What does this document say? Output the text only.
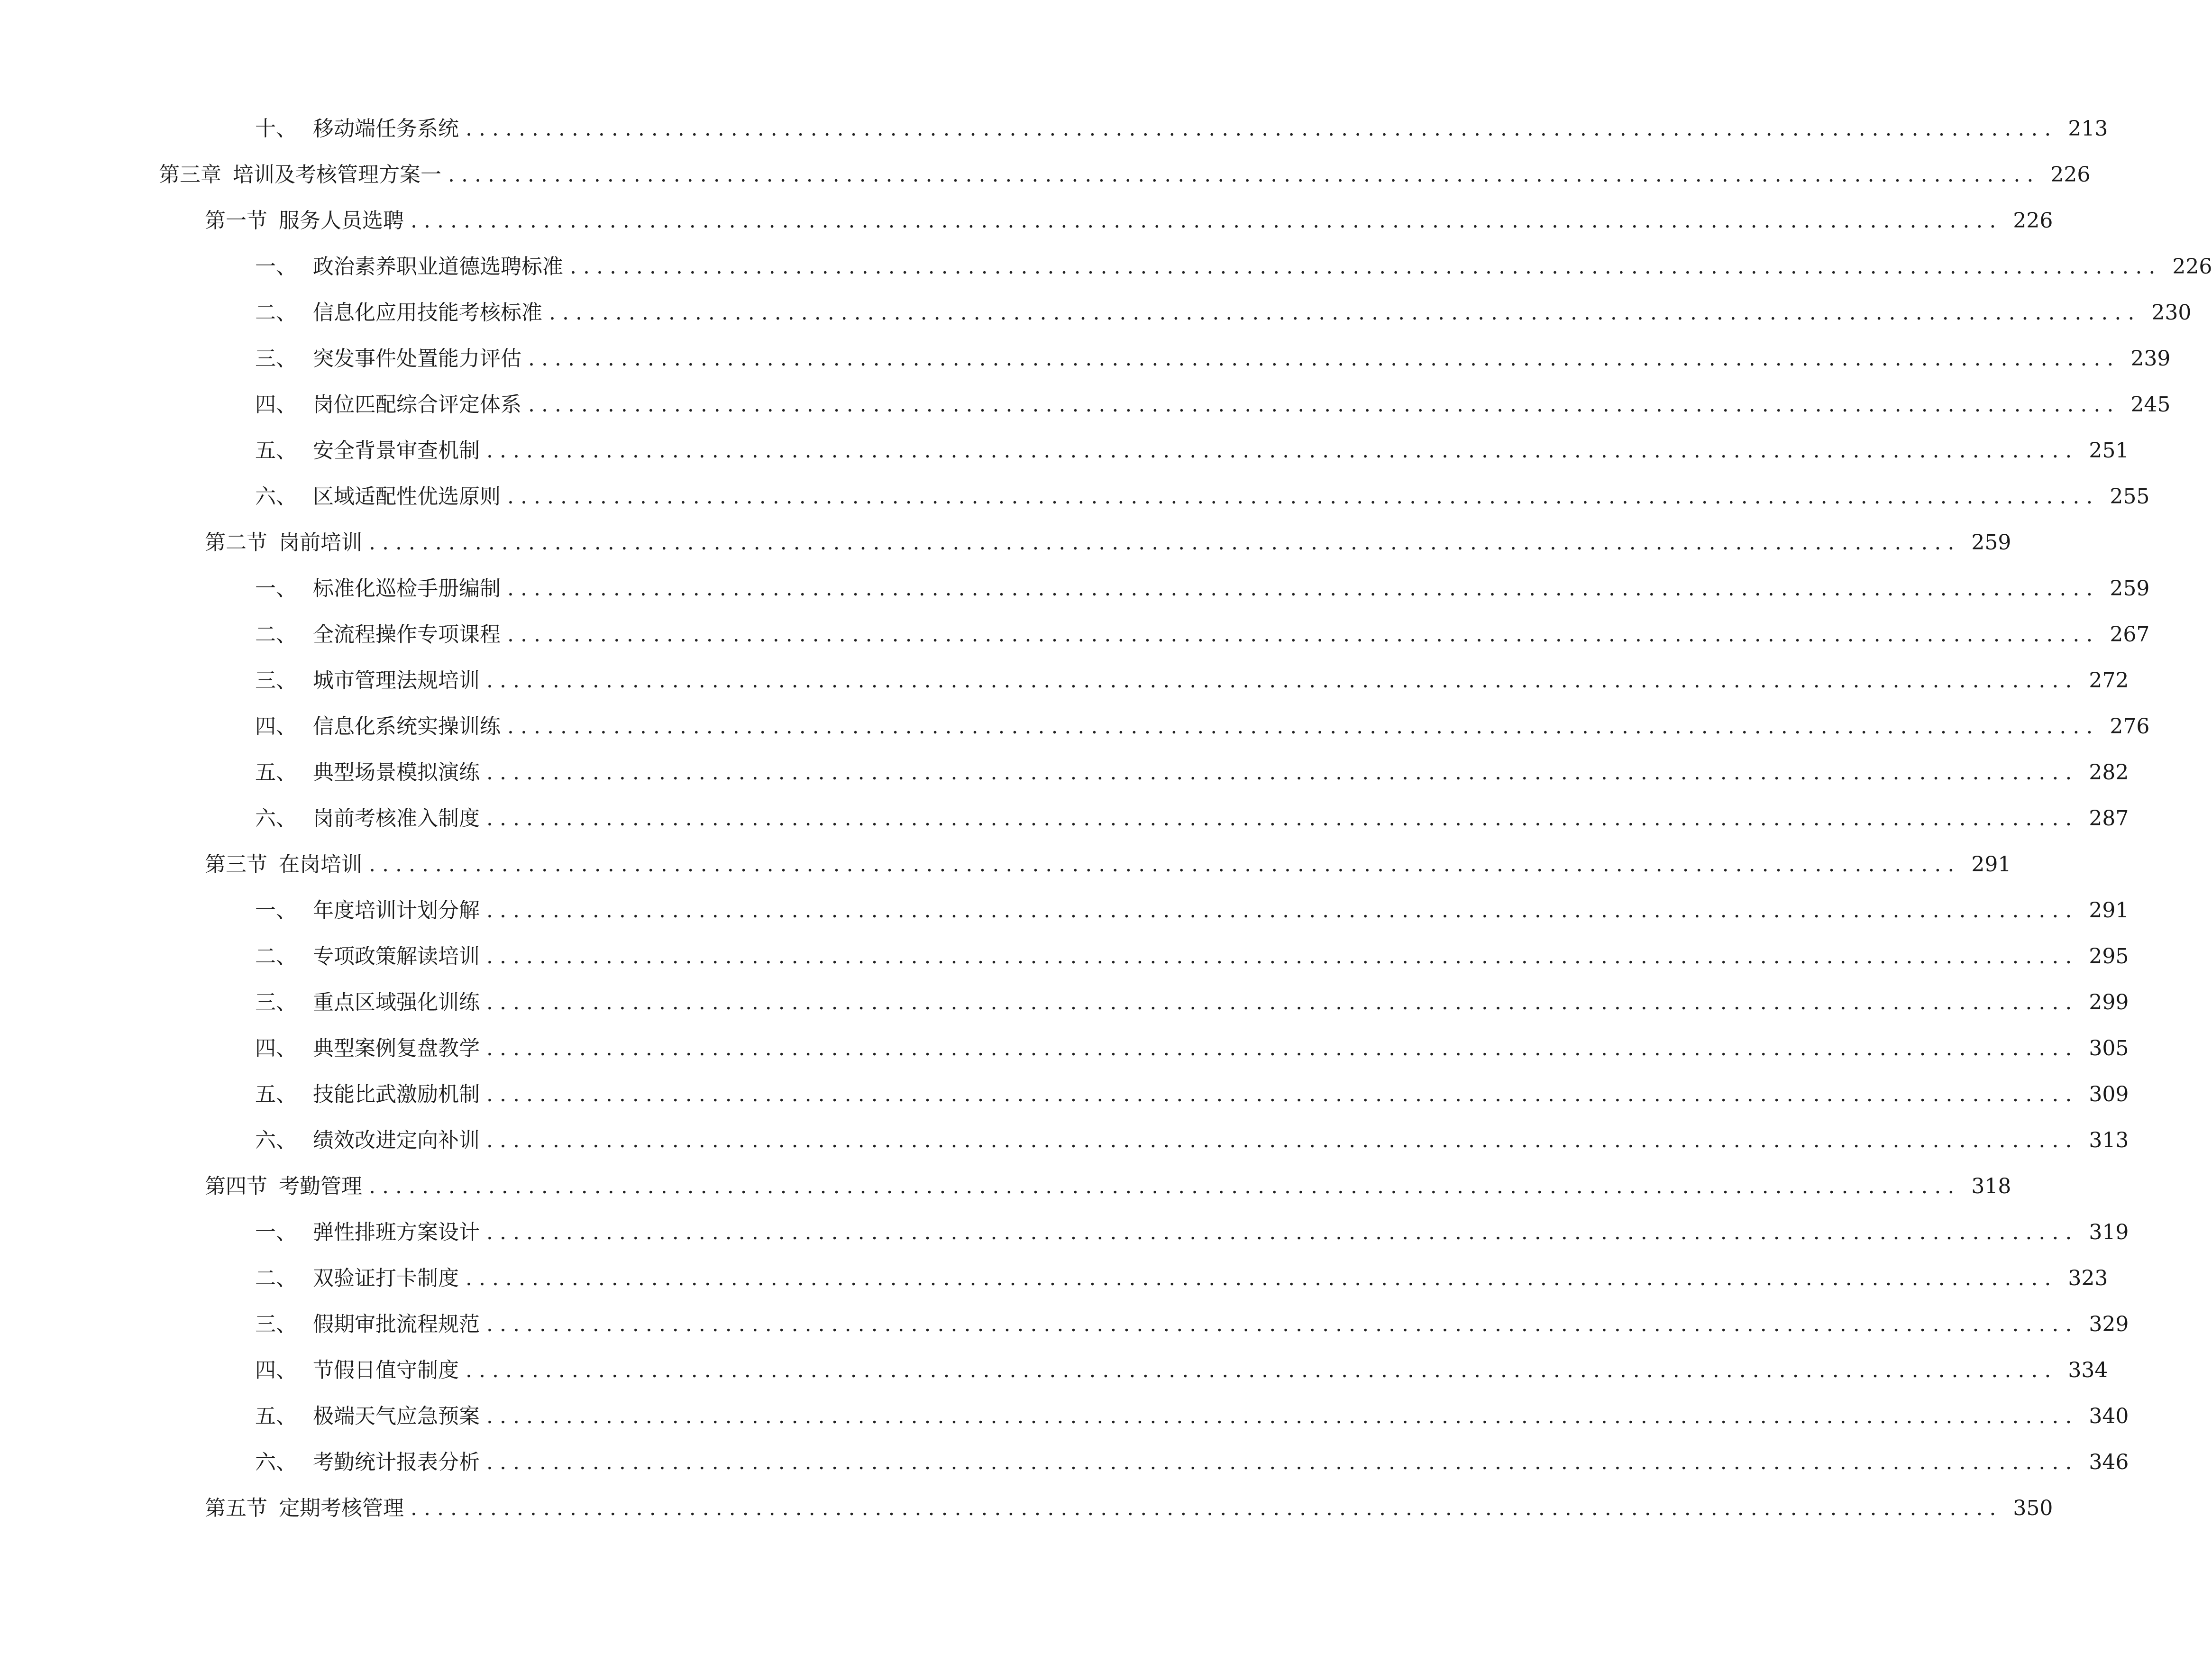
十、 移动端任务系统 ........................................................................................................................ 213
第三章 培训及考核管理方案一 ........................................................................................................................ 226
第一节 服务人员选聘 ........................................................................................................................ 226
一、 政治素养职业道德选聘标准 ........................................................................................................................ 226
二、 信息化应用技能考核标准 ........................................................................................................................ 230
三、 突发事件处置能力评估 ........................................................................................................................ 239
四、 岗位匹配综合评定体系 ........................................................................................................................ 245
五、 安全背景审查机制 ........................................................................................................................ 251
六、 区域适配性优选原则 ........................................................................................................................ 255
第二节 岗前培训 ........................................................................................................................ 259
一、 标准化巡检手册编制 ........................................................................................................................ 259
二、 全流程操作专项课程 ........................................................................................................................ 267
三、 城市管理法规培训 ........................................................................................................................ 272
四、 信息化系统实操训练 ........................................................................................................................ 276
五、 典型场景模拟演练 ........................................................................................................................ 282
六、 岗前考核准入制度 ........................................................................................................................ 287
第三节 在岗培训 ........................................................................................................................ 291
一、 年度培训计划分解 ........................................................................................................................ 291
二、 专项政策解读培训 ........................................................................................................................ 295
三、 重点区域强化训练 ........................................................................................................................ 299
四、 典型案例复盘教学 ........................................................................................................................ 305
五、 技能比武激励机制 ........................................................................................................................ 309
六、 绩效改进定向补训 ........................................................................................................................ 313
第四节 考勤管理 ........................................................................................................................ 318
一、 弹性排班方案设计 ........................................................................................................................ 319
二、 双验证打卡制度 ........................................................................................................................ 323
三、 假期审批流程规范 ........................................................................................................................ 329
四、 节假日值守制度 ........................................................................................................................ 334
五、 极端天气应急预案 ........................................................................................................................ 340
六、 考勤统计报表分析 ........................................................................................................................ 346
第五节 定期考核管理 ........................................................................................................................ 350
